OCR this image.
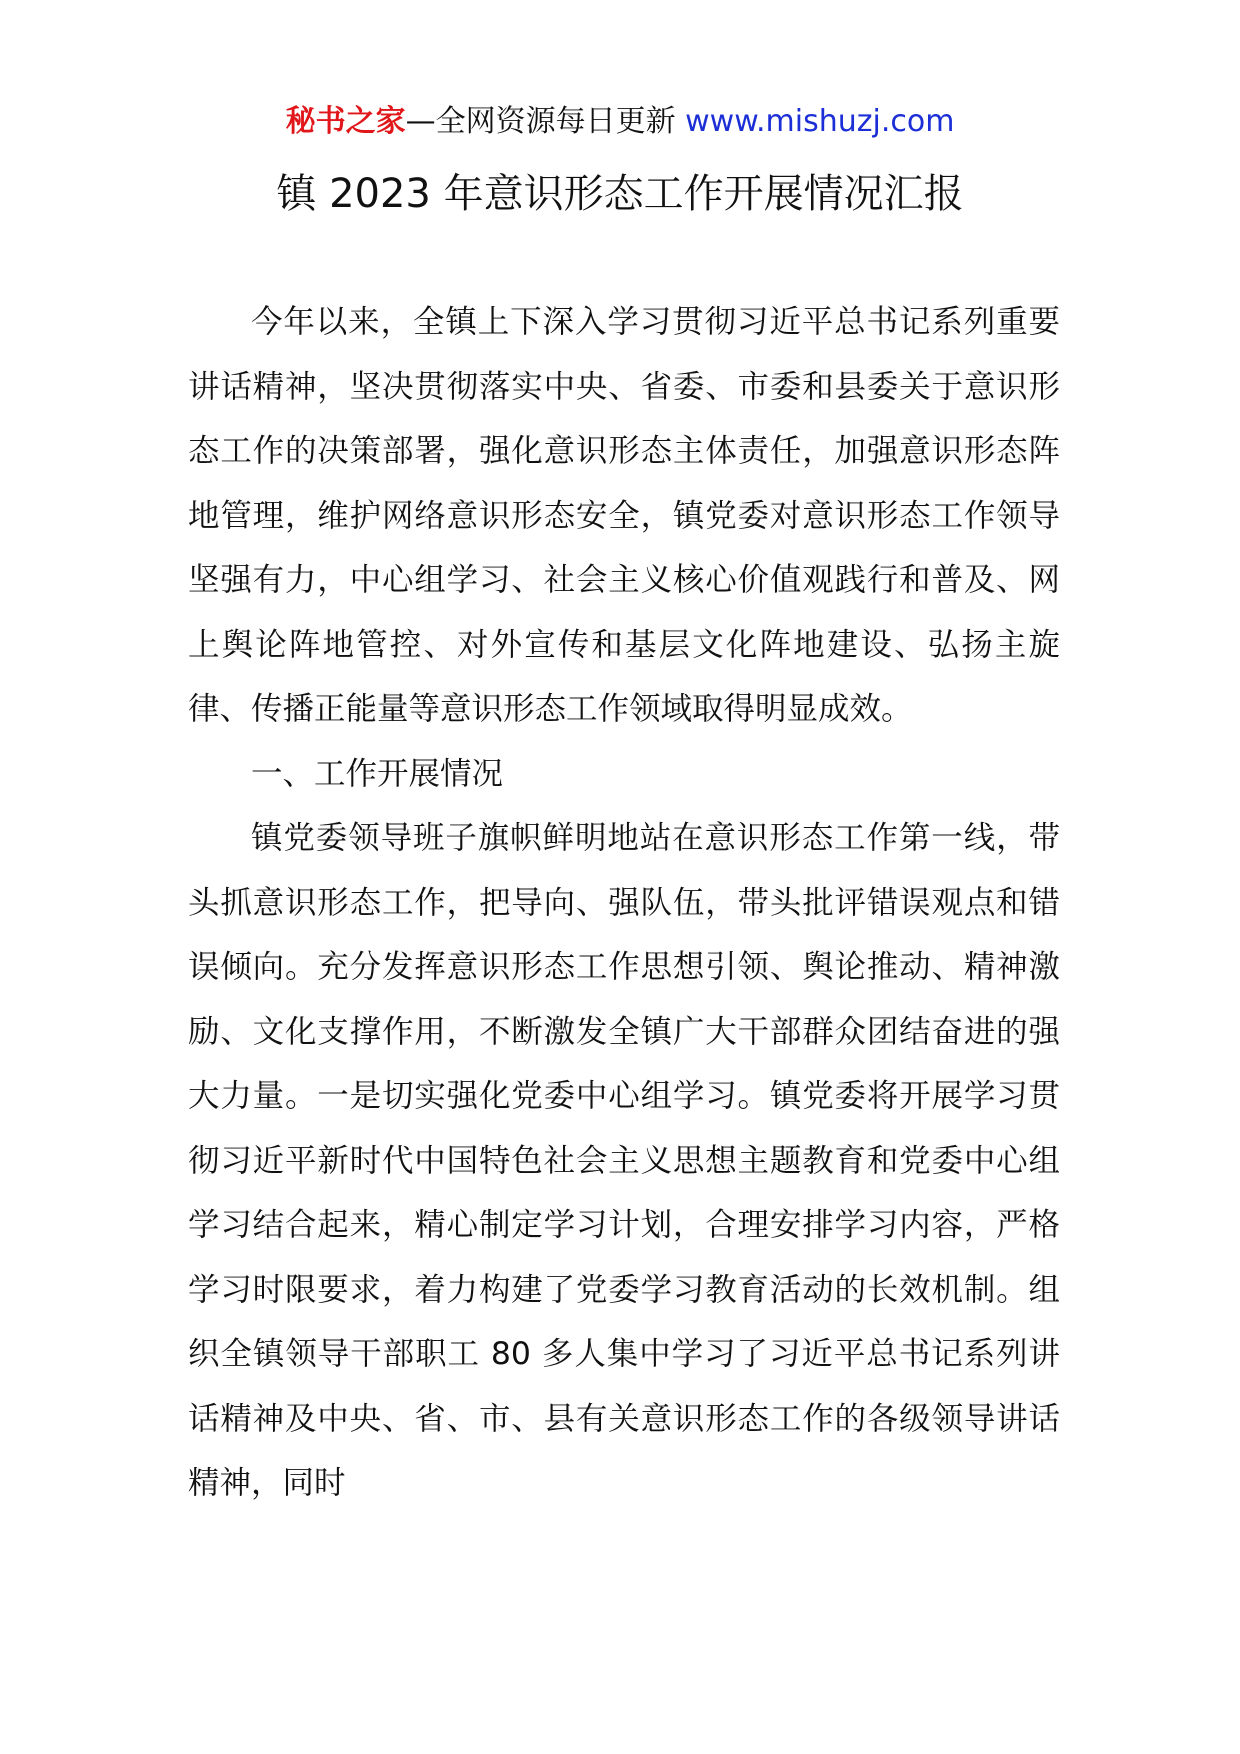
秘书之家—全网资源每日更新 www.mishuzj.com
镇 2023 年意识形态工作开展情况汇报

今年以来，全镇上下深入学习贯彻习近平总书记系列重要讲话精神，坚决贯彻落实中央、省委、市委和县委关于意识形态工作的决策部署，强化意识形态主体责任，加强意识形态阵地管理，维护网络意识形态安全，镇党委对意识形态工作领导坚强有力，中心组学习、社会主义核心价值观践行和普及、网上舆论阵地管控、对外宣传和基层文化阵地建设、弘扬主旋律、传播正能量等意识形态工作领域取得明显成效。

一、工作开展情况

镇党委领导班子旗帜鲜明地站在意识形态工作第一线，带头抓意识形态工作，把导向、强队伍，带头批评错误观点和错误倾向。充分发挥意识形态工作思想引领、舆论推动、精神激励、文化支撑作用，不断激发全镇广大干部群众团结奋进的强大力量。一是切实强化党委中心组学习。镇党委将开展学习贯彻习近平新时代中国特色社会主义思想主题教育和党委中心组学习结合起来，精心制定学习计划，合理安排学习内容，严格学习时限要求，着力构建了党委学习教育活动的长效机制。组织全镇领导干部职工 80 多人集中学习了习近平总书记系列讲话精神及中央、省、市、县有关意识形态工作的各级领导讲话精神，同时
